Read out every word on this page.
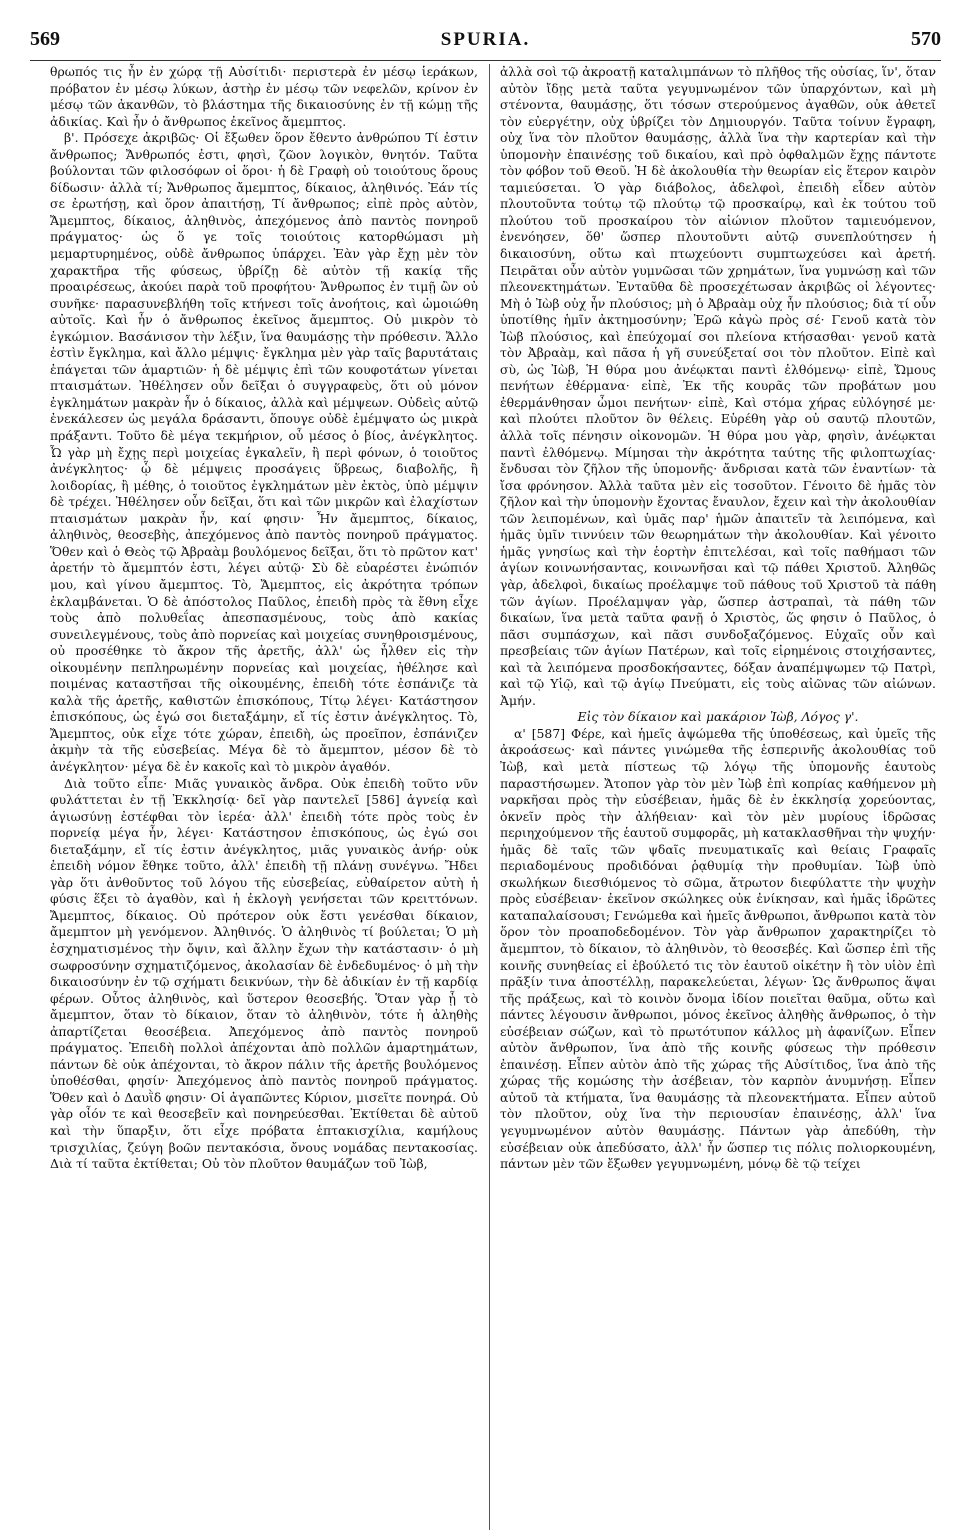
569	SPURIA.	570

θρωπός τις ἦν ἐν χώρᾳ τῇ Αὐσίτιδι· περιστερὰ ἐν μέσῳ ἱεράκων, πρόβατον ἐν μέσῳ λύκων, ἀστὴρ ἐν μέσῳ τῶν νεφελῶν, κρίνον ἐν μέσῳ τῶν ἀκανθῶν, τὸ βλάστημα τῆς δικαιοσύνης ἐν τῇ κώμῃ τῆς ἀδικίας. Καὶ ἦν ὁ ἄνθρωπος ἐκεῖνος ἄμεμπτος.

β'. Πρόσεχε ἀκριβῶς· Οἱ ἔξωθεν ὅρον ἔθεντο ἀνθρώπου Τί ἐστιν ἄνθρωπος; Ἄνθρωπός ἐστι, φησὶ, ζῶον λογικὸν, θνητόν. Ταῦτα βούλονται τῶν φιλοσόφων οἱ ὅροι· ἡ δὲ Γραφὴ οὐ τοιούτους ὅρους δίδωσιν· ἀλλὰ τί; Ἄνθρωπος ἄμεμπτος, δίκαιος, ἀληθινός. Ἐάν τίς σε ἐρωτήσῃ, καὶ ὅρον ἀπαιτήσῃ, Τί ἄνθρωπος; εἰπὲ πρὸς αὐτὸν, Ἄμεμπτος, δίκαιος, ἀληθινὸς, ἀπεχόμενος ἀπὸ παντὸς πονηροῦ πράγματος· ὡς ὅ γε τοῖς τοιούτοις κατορθώμασι μὴ μεμαρτυρημένος, οὐδὲ ἄνθρωπος ὑπάρχει. Ἐὰν γὰρ ἔχῃ μὲν τὸν χαρακτῆρα τῆς φύσεως, ὑβρίζῃ δὲ αὐτὸν τῇ κακίᾳ τῆς προαιρέσεως, ἀκούει παρὰ τοῦ προφήτου· Ἄνθρωπος ἐν τιμῇ ὢν οὐ συνῆκε· παρασυνεβλήθη τοῖς κτήνεσι τοῖς ἀνοήτοις, καὶ ὡμοιώθη αὐτοῖς. Καὶ ἦν ὁ ἄνθρωπος ἐκεῖνος ἄμεμπτος. Οὐ μικρὸν τὸ ἐγκώμιον. Βασάνισον τὴν λέξιν, ἵνα θαυμάσῃς τὴν πρόθεσιν. Ἄλλο ἐστὶν ἔγκλημα, καὶ ἄλλο μέμψις· ἔγκλημα μὲν γὰρ ταῖς βαρυτάταις ἐπάγεται τῶν ἁμαρτιῶν· ἡ δὲ μέμψις ἐπὶ τῶν κουφοτάτων γίνεται πταισμάτων. Ἠθέλησεν οὖν δεῖξαι ὁ συγγραφεὺς, ὅτι οὐ μόνον ἐγκλημάτων μακρὰν ἦν ὁ δίκαιος, ἀλλὰ καὶ μέμψεων. Οὐδεὶς αὐτῷ ἐνεκάλεσεν ὡς μεγάλα δράσαντι, ὅπουγε οὐδὲ ἐμέμψατο ὡς μικρὰ πράξαντι. Τοῦτο δὲ μέγα τεκμήριον, οὗ μέσος ὁ βίος, ἀνέγκλητος. Ὦ γὰρ μὴ ἔχῃς περὶ μοιχείας ἐγκαλεῖν, ἢ περὶ φόνων, ὁ τοιοῦτος ἀνέγκλητος· ᾧ δὲ μέμψεις προσάγεις ὕβρεως, διαβολῆς, ἢ λοιδορίας, ἢ μέθης, ὁ τοιοῦτος ἐγκλημάτων μὲν ἐκτὸς, ὑπὸ μέμψιν δὲ τρέχει. Ἠθέλησεν οὖν δεῖξαι, ὅτι καὶ τῶν μικρῶν καὶ ἐλαχίστων πταισμάτων μακρὰν ἦν, καί φησιν· Ἦν ἄμεμπτος, δίκαιος, ἀληθινὸς, θεοσεβὴς, ἀπεχόμενος ἀπὸ παντὸς πονηροῦ πράγματος. Ὅθεν καὶ ὁ Θεὸς τῷ Ἀβραὰμ βουλόμενος δεῖξαι, ὅτι τὸ πρῶτον κατ' ἀρετήν τὸ ἄμεμπτόν ἐστι, λέγει αὐτῷ· Σὺ δὲ εὐαρέστει ἐνώπιόν μου, καὶ γίνου ἄμεμπτος. Τὸ, Ἄμεμπτος, εἰς ἀκρότητα τρόπων ἐκλαμβάνεται. Ὁ δὲ ἀπόστολος Παῦλος, ἐπειδὴ πρὸς τὰ ἔθνη εἶχε τοὺς ἀπὸ πολυθεΐας ἀπεσπασμένους, τοὺς ἀπὸ κακίας συνειλεγμένους, τοὺς ἀπὸ πορνείας καὶ μοιχείας συνηθροισμένους, οὐ προσέθηκε τὸ ἄκρον τῆς ἀρετῆς, ἀλλ' ὡς ἦλθεν εἰς τὴν οἰκουμένην πεπληρωμένην πορνείας καὶ μοιχείας, ἠθέλησε καὶ ποιμένας καταστῆσαι τῆς οἰκουμένης, ἐπειδὴ τότε ἐσπάνιζε τὰ καλὰ τῆς ἀρετῆς, καθιστῶν ἐπισκόπους, Τίτῳ λέγει· Κατάστησον ἐπισκόπους, ὡς ἐγώ σοι διεταξάμην, εἴ τίς ἐστιν ἀνέγκλητος. Τὸ, Ἄμεμπτος, οὐκ εἶχε τότε χώραν, ἐπειδὴ, ὡς προεῖπον, ἐσπάνιζεν ἀκμὴν τὰ τῆς εὐσεβείας. Μέγα δὲ τὸ ἄμεμπτον, μέσον δὲ τὸ ἀνέγκλητον· μέγα δὲ ἐν κακοῖς καὶ τὸ μικρὸν ἀγαθόν.

Διὰ τοῦτο εἶπε· Μιᾶς γυναικὸς ἄνδρα. Οὐκ ἐπειδὴ τοῦτο νῦν φυλάττεται ἐν τῇ Ἐκκλησίᾳ· δεῖ γὰρ παντελεῖ [586] ἁγνείᾳ καὶ ἁγιωσύνῃ ἐστέφθαι τὸν ἱερέα· ἀλλ' ἐπειδὴ τότε πρὸς τοὺς ἐν πορνείᾳ μέγα ἦν, λέγει· Κατάστησον ἐπισκόπους, ὡς ἐγώ σοι διεταξάμην, εἴ τίς ἐστιν ἀνέγκλητος, μιᾶς γυναικὸς ἀνήρ· οὐκ ἐπειδὴ νόμον ἔθηκε τοῦτο, ἀλλ' ἐπειδὴ τῇ πλάνῃ συνέγνω. Ἤδει γὰρ ὅτι ἀνθοῦντος τοῦ λόγου τῆς εὐσεβείας, εὐθαίρετον αὐτὴ ἡ φύσις ἕξει τὸ ἀγαθὸν, καὶ ἡ ἐκλογὴ γενήσεται τῶν κρειττόνων. Ἄμεμπτος, δίκαιος. Οὐ πρότερον οὐκ ἔστι γενέσθαι δίκαιον, ἄμεμπτον μὴ γενόμενον. Ἀληθινός. Ὁ ἀληθινὸς τί βούλεται; Ὁ μὴ ἐσχηματισμένος τὴν ὄψιν, καὶ ἄλλην ἔχων τὴν κατάστασιν· ὁ μὴ σωφροσύνην σχηματιζόμενος, ἀκολασίαν δὲ ἐνδεδυμένος· ὁ μὴ τὴν δικαιοσύνην ἐν τῷ σχήματι δεικνύων, τὴν δὲ ἀδικίαν ἐν τῇ καρδίᾳ φέρων. Οὗτος ἀληθινὸς, καὶ ὕστερον θεοσεβής. Ὅταν γὰρ ᾖ τὸ ἄμεμπτον, ὅταν τὸ δίκαιον, ὅταν τὸ ἀληθινὸν, τότε ἡ ἀληθὴς ἀπαρτίζεται θεοσέβεια. Ἀπεχόμενος ἀπὸ παντὸς πονηροῦ πράγματος. Ἐπειδὴ πολλοὶ ἀπέχονται ἀπὸ πολλῶν ἁμαρτημάτων, πάντων δὲ οὐκ ἀπέχονται, τὸ ἄκρον πάλιν τῆς ἀρετῆς βουλόμενος ὑποθέσθαι, φησίν· Ἀπεχόμενος ἀπὸ παντὸς πονηροῦ πράγματος. Ὅθεν καὶ ὁ Δαυῒδ φησιν· Οἱ ἀγαπῶντες Κύριον, μισεῖτε πονηρά. Οὐ γὰρ οἶόν τε καὶ θεοσεβεῖν καὶ πονηρεύεσθαι. Ἐκτίθεται δὲ αὐτοῦ καὶ τὴν ὕπαρξιν, ὅτι εἶχε πρόβατα ἑπτακισχίλια, καμήλους τρισχιλίας, ζεύγη βοῶν πεντακόσια, ὄνους νομάδας πεντακοσίας. Διὰ τί ταῦτα ἐκτίθεται; Οὐ τὸν πλοῦτον θαυμάζων τοῦ Ἰὼβ,

ἀλλὰ σοὶ τῷ ἀκροατῇ καταλιμπάνων τὸ πλῆθος τῆς οὐσίας, ἵν', ὅταν αὐτὸν ἴδῃς μετὰ ταῦτα γεγυμνωμένον τῶν ὑπαρχόντων, καὶ μὴ στένοντα, θαυμάσῃς, ὅτι τόσων στερούμενος ἀγαθῶν, οὐκ ἀθετεῖ τὸν εὐεργέτην, οὐχ ὑβρίζει τὸν Δημιουργόν. Ταῦτα τοίνυν ἔγραφη, οὐχ ἵνα τὸν πλοῦτον θαυμάσῃς, ἀλλὰ ἵνα τὴν καρτερίαν καὶ τὴν ὑπομονὴν ἐπαινέσῃς τοῦ δικαίου, καὶ πρὸ ὀφθαλμῶν ἔχῃς πάντοτε τὸν φόβον τοῦ Θεοῦ. Ἡ δὲ ἀκολουθία τὴν θεωρίαν εἰς ἕτερον καιρὸν ταμιεύσεται. Ὁ γὰρ διάβολος, ἀδελφοὶ, ἐπειδὴ εἶδεν αὐτὸν πλουτοῦντα τούτῳ τῷ πλούτῳ τῷ προσκαίρῳ, καὶ ἐκ τούτου τοῦ πλούτου τοῦ προσκαίρου τὸν αἰώνιον πλοῦτον ταμιευόμενον, ἐνενόησεν, ὅθ' ὥσπερ πλουτοῦντι αὐτῷ συνεπλούτησεν ἡ δικαιοσύνη, οὕτω καὶ πτωχεύοντι συμπτωχεύσει καὶ ἀρετή. Πειρᾶται οὖν αὐτὸν γυμνῶσαι τῶν χρημάτων, ἵνα γυμνώσῃ καὶ τῶν πλεονεκτημάτων. Ἐνταῦθα δὲ προσεχέτωσαν ἀκριβῶς οἱ λέγοντες· Μὴ ὁ Ἰὼβ οὐχ ἦν πλούσιος; μὴ ὁ Ἀβραὰμ οὐχ ἦν πλούσιος; διὰ τί οὖν ὑποτίθης ἡμῖν ἀκτημοσύνην; Ἐρῶ κἀγὼ πρὸς σέ· Γενοῦ κατὰ τὸν Ἰὼβ πλούσιος, καὶ ἐπεύχομαί σοι πλείονα κτήσασθαι· γενοῦ κατὰ τὸν Ἀβραὰμ, καὶ πᾶσα ἡ γῆ συνεύξεταί σοι τὸν πλοῦτον. Εἰπὲ καὶ σὺ, ὡς Ἰὼβ, Ἡ θύρα μου ἀνέῳκται παντὶ ἐλθόμενῳ· εἰπὲ, Ὤμους πενήτων ἐθέρμανα· εἰπὲ, Ἐκ τῆς κουρᾶς τῶν προβάτων μου ἐθερμάνθησαν ὦμοι πενήτων· εἰπὲ, Καὶ στόμα χήρας εὐλόγησέ με· καὶ πλούτει πλοῦτον ὃν θέλεις. Εὑρέθη γὰρ οὐ σαυτῷ πλουτῶν, ἀλλὰ τοῖς πένησιν οἰκονομῶν. Ἡ θύρα μου γὰρ, φησὶν, ἀνέῳκται παντὶ ἐλθόμενῳ. Μίμησαι τὴν ἀκρότητα ταύτης τῆς φιλοπτωχίας· ἔνδυσαι τὸν ζῆλον τῆς ὑπομονῆς· ἄνδρισαι κατὰ τῶν ἐναντίων· τὰ ἴσα φρόνησον. Ἀλλὰ ταῦτα μὲν εἰς τοσοῦτον. Γένοιτο δὲ ἡμᾶς τὸν ζῆλον καὶ τὴν ὑπομονὴν ἔχοντας ἔναυλον, ἔχειν καὶ τὴν ἀκολουθίαν τῶν λειπομένων, καὶ ὑμᾶς παρ' ἡμῶν ἀπαιτεῖν τὰ λειπόμενα, καὶ ἡμᾶς ὑμῖν τιννύειν τῶν θεωρημάτων τὴν ἀκολουθίαν. Καὶ γένοιτο ἡμᾶς γνησίως καὶ τὴν ἑορτὴν ἐπιτελέσαι, καὶ τοῖς παθήμασι τῶν ἁγίων κοινωνήσαντας, κοινωνῆσαι καὶ τῷ πάθει Χριστοῦ. Ἀληθῶς γὰρ, ἀδελφοὶ, δικαίως προέλαμψε τοῦ πάθους τοῦ Χριστοῦ τὰ πάθη τῶν ἁγίων. Προέλαμψαν γὰρ, ὥσπερ ἀστραπαὶ, τὰ πάθη τῶν δικαίων, ἵνα μετὰ ταῦτα φανῇ ὁ Χριστὸς, ὥς φησιν ὁ Παῦλος, ὁ πᾶσι συμπάσχων, καὶ πᾶσι συνδοξαζόμενος. Εὐχαῖς οὖν καὶ πρεσβείαις τῶν ἁγίων Πατέρων, καὶ τοῖς εἰρημένοις στοιχήσαντες, καὶ τὰ λειπόμενα προσδοκήσαντες, δόξαν ἀναπέμψωμεν τῷ Πατρὶ, καὶ τῷ Υἱῷ, καὶ τῷ ἁγίῳ Πνεύματι, εἰς τοὺς αἰῶνας τῶν αἰώνων. Ἀμήν.

Εἰς τὸν δίκαιον καὶ μακάριον Ἰὼβ, Λόγος γ'.

α' [587] Φέρε, καὶ ἡμεῖς ἀψώμεθα τῆς ὑποθέσεως, καὶ ὑμεῖς τῆς ἀκροάσεως· καὶ πάντες γινώμεθα τῆς ἑσπερινῆς ἀκολουθίας τοῦ Ἰὼβ, καὶ μετὰ πίστεως τῷ λόγῳ τῆς ὑπομονῆς ἑαυτοὺς παραστήσωμεν. Ἄτοπον γὰρ τὸν μὲν Ἰὼβ ἐπὶ κοπρίας καθήμενον μὴ ναρκῆσαι πρὸς τὴν εὐσέβειαν, ἡμᾶς δὲ ἐν ἐκκλησίᾳ χορεύοντας, ὀκνεῖν πρὸς τὴν ἀλήθειαν· καὶ τὸν μὲν μυρίους ἱδρῶσας περιηχούμενον τῆς ἑαυτοῦ συμφορᾶς, μὴ κατακλασθῆναι τὴν ψυχήν· ἡμᾶς δὲ ταῖς τῶν ψδαῖς πνευματικαῖς καὶ θείαις Γραφαῖς περιαδομένους προδιδόναι ῥᾳθυμίᾳ τὴν προθυμίαν. Ἰὼβ ὑπὸ σκωλήκων διεσθιόμενος τὸ σῶμα, ἄτρωτον διεφύλαττε τὴν ψυχὴν πρὸς εὐσέβειαν· ἐκεῖνον σκώληκες οὐκ ἐνίκησαν, καὶ ἡμᾶς ἱδρῶτες καταπαλαίσουσι; Γενώμεθα καὶ ἡμεῖς ἄνθρωποι, ἄνθρωποι κατὰ τὸν ὅρον τὸν προαποδεδομένον. Τὸν γὰρ ἄνθρωπον χαρακτηρίζει τὸ ἄμεμπτον, τὸ δίκαιον, τὸ ἀληθινὸν, τὸ θεοσεβές. Καὶ ὥσπερ ἐπὶ τῆς κοινῆς συνηθείας εἰ ἐβούλετό τις τὸν ἑαυτοῦ οἰκέτην ἢ τὸν υἱὸν ἐπὶ πρᾶξίν τινα ἀποστέλλῃ, παρακελεύεται, λέγων· Ὡς ἄνθρωπος ἅψαι τῆς πράξεως, καὶ τὸ κοινὸν ὄνομα ἰδίον ποιεῖται θαῦμα, οὕτω καὶ πάντες λέγουσιν ἄνθρωποι, μόνος ἐκεῖνος ἀληθὴς ἄνθρωπος, ὁ τὴν εὐσέβειαν σώζων, καὶ τὸ πρωτότυπον κάλλος μὴ ἀφανίζων. Εἶπεν αὐτὸν ἄνθρωπον, ἵνα ἀπὸ τῆς κοινῆς φύσεως τὴν πρόθεσιν ἐπαινέσῃ. Εἶπεν αὐτὸν ἀπὸ τῆς χώρας τῆς Αὐσίτιδος, ἵνα ἀπὸ τῆς χώρας τῆς κομώσης τὴν ἀσέβειαν, τὸν καρπὸν ἀνυμνήσῃ. Εἶπεν αὐτοῦ τὰ κτήματα, ἵνα θαυμάσῃς τὰ πλεονεκτήματα. Εἶπεν αὐτοῦ τὸν πλοῦτον, οὐχ ἵνα τὴν περιουσίαν ἐπαινέσῃς, ἀλλ' ἵνα γεγυμνωμένον αὐτὸν θαυμάσῃς. Πάντων γὰρ ἀπεδύθη, τὴν εὐσέβειαν οὐκ ἀπεδύσατο, ἀλλ' ἦν ὥσπερ τις πόλις πολιορκουμένη, πάντων μὲν τῶν ἔξωθεν γεγυμνωμένη, μόνῳ δὲ τῷ τείχει
